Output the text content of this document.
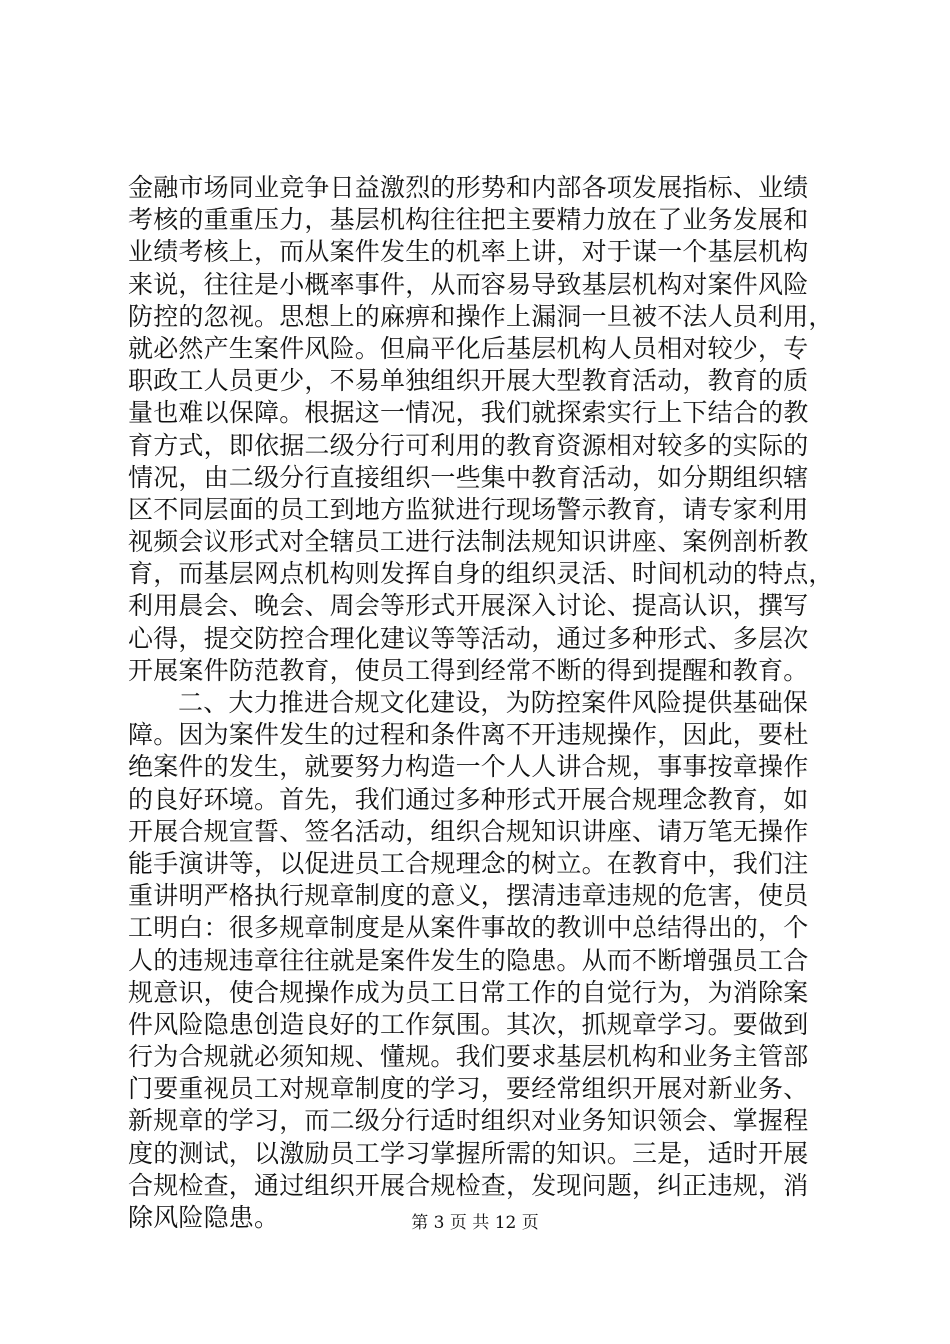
金融市场同业竞争日益激烈的形势和内部各项发展指标、业绩
考核的重重压力，基层机构往往把主要精力放在了业务发展和
业绩考核上，而从案件发生的机率上讲，对于谋一个基层机构
来说，往往是小概率事件，从而容易导致基层机构对案件风险
防控的忽视。思想上的麻痹和操作上漏洞一旦被不法人员利用，
就必然产生案件风险。但扁平化后基层机构人员相对较少，专
职政工人员更少，不易单独组织开展大型教育活动，教育的质
量也难以保障。根据这一情况，我们就探索实行上下结合的教
育方式，即依据二级分行可利用的教育资源相对较多的实际的
情况，由二级分行直接组织一些集中教育活动，如分期组织辖
区不同层面的员工到地方监狱进行现场警示教育，请专家利用
视频会议形式对全辖员工进行法制法规知识讲座、案例剖析教
育，而基层网点机构则发挥自身的组织灵活、时间机动的特点，
利用晨会、晚会、周会等形式开展深入讨论、提高认识，撰写
心得，提交防控合理化建议等等活动，通过多种形式、多层次
开展案件防范教育，使员工得到经常不断的得到提醒和教育。
二、大力推进合规文化建设，为防控案件风险提供基础保
障。因为案件发生的过程和条件离不开违规操作，因此，要杜
绝案件的发生，就要努力构造一个人人讲合规，事事按章操作
的良好环境。首先，我们通过多种形式开展合规理念教育，如
开展合规宣誓、签名活动，组织合规知识讲座、请万笔无操作
能手演讲等，以促进员工合规理念的树立。在教育中，我们注
重讲明严格执行规章制度的意义，摆清违章违规的危害，使员
工明白：很多规章制度是从案件事故的教训中总结得出的，个
人的违规违章往往就是案件发生的隐患。从而不断增强员工合
规意识，使合规操作成为员工日常工作的自觉行为，为消除案
件风险隐患创造良好的工作氛围。其次，抓规章学习。要做到
行为合规就必须知规、懂规。我们要求基层机构和业务主管部
门要重视员工对规章制度的学习，要经常组织开展对新业务、
新规章的学习，而二级分行适时组织对业务知识领会、掌握程
度的测试，以激励员工学习掌握所需的知识。三是，适时开展
合规检查，通过组织开展合规检查，发现问题，纠正违规，消
除风险隐患。	第 3 页 共 12 页
